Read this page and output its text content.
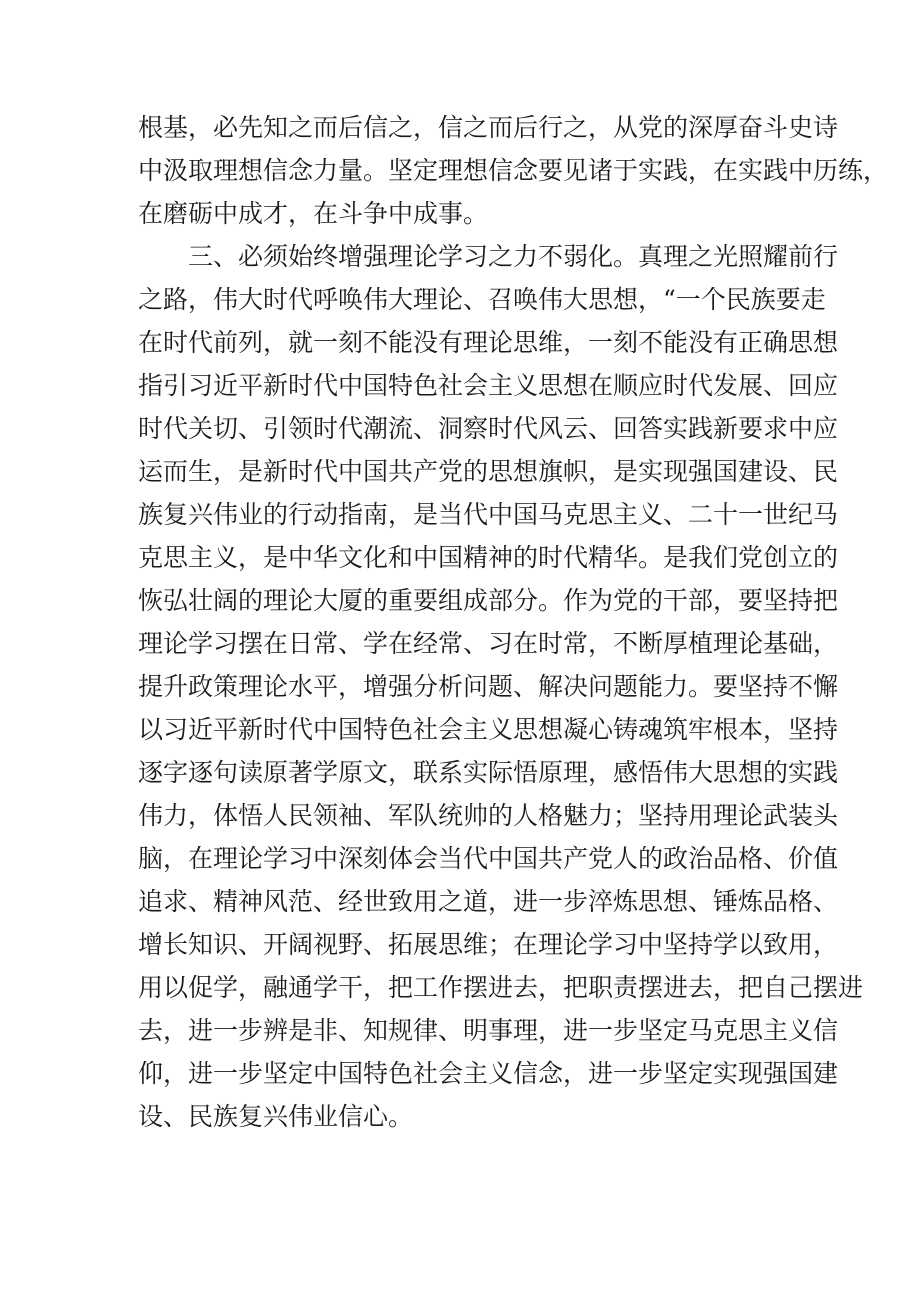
根基，必先知之而后信之，信之而后行之，从党的深厚奋斗史诗
中汲取理想信念力量。坚定理想信念要见诸于实践，在实践中历练，
在磨砺中成才，在斗争中成事。
三、必须始终增强理论学习之力不弱化。真理之光照耀前行
之路，伟大时代呼唤伟大理论、召唤伟大思想，“一个民族要走
在时代前列，就一刻不能没有理论思维，一刻不能没有正确思想
指引习近平新时代中国特色社会主义思想在顺应时代发展、回应
时代关切、引领时代潮流、洞察时代风云、回答实践新要求中应
运而生，是新时代中国共产党的思想旗帜，是实现强国建设、民
族复兴伟业的行动指南，是当代中国马克思主义、二十一世纪马
克思主义，是中华文化和中国精神的时代精华。是我们党创立的
恢弘壮阔的理论大厦的重要组成部分。作为党的干部，要坚持把
理论学习摆在日常、学在经常、习在时常，不断厚植理论基础，
提升政策理论水平，增强分析问题、解决问题能力。要坚持不懈
以习近平新时代中国特色社会主义思想凝心铸魂筑牢根本，坚持
逐字逐句读原著学原文，联系实际悟原理，感悟伟大思想的实践
伟力，体悟人民领袖、军队统帅的人格魅力；坚持用理论武装头
脑，在理论学习中深刻体会当代中国共产党人的政治品格、价值
追求、精神风范、经世致用之道，进一步淬炼思想、锤炼品格、
增长知识、开阔视野、拓展思维；在理论学习中坚持学以致用，
用以促学，融通学干，把工作摆进去，把职责摆进去，把自己摆进
去，进一步辨是非、知规律、明事理，进一步坚定马克思主义信
仰，进一步坚定中国特色社会主义信念，进一步坚定实现强国建
设、民族复兴伟业信心。
